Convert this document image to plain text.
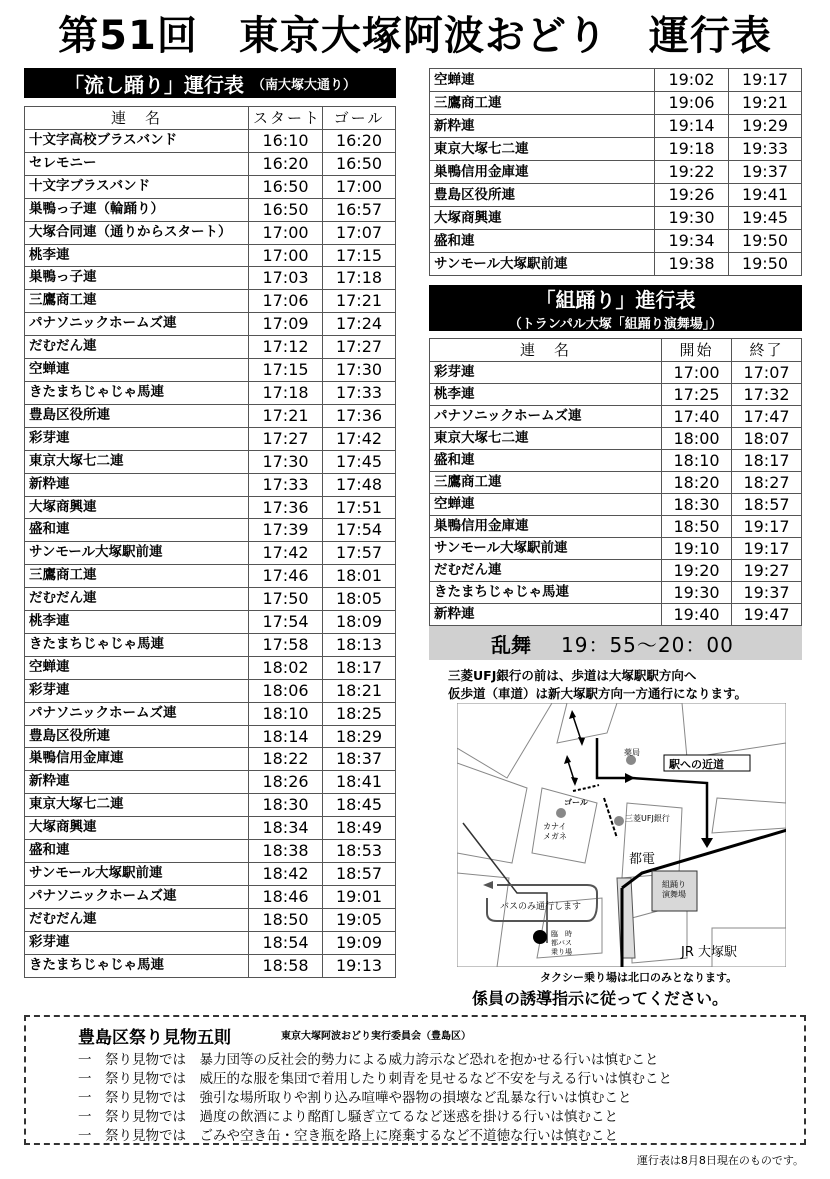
第51回　東京大塚阿波おどり　運行表
「流し踊り」運行表 （南大塚大通り）
連　名	スタート	ゴール
十文字高校ブラスバンド	16:10	16:20
セレモニー	16:20	16:50
十文字ブラスバンド	16:50	17:00
巣鴨っ子連（輪踊り）	16:50	16:57
大塚合同連（通りからスタート）	17:00	17:07
桃李連	17:00	17:15
巣鴨っ子連	17:03	17:18
三鷹商工連	17:06	17:21
パナソニックホームズ連	17:09	17:24
だむだん連	17:12	17:27
空蝉連	17:15	17:30
きたまちじゃじゃ馬連	17:18	17:33
豊島区役所連	17:21	17:36
彩芽連	17:27	17:42
東京大塚七二連	17:30	17:45
新粋連	17:33	17:48
大塚商興連	17:36	17:51
盛和連	17:39	17:54
サンモール大塚駅前連	17:42	17:57
三鷹商工連	17:46	18:01
だむだん連	17:50	18:05
桃李連	17:54	18:09
きたまちじゃじゃ馬連	17:58	18:13
空蝉連	18:02	18:17
彩芽連	18:06	18:21
パナソニックホームズ連	18:10	18:25
豊島区役所連	18:14	18:29
巣鴨信用金庫連	18:22	18:37
新粋連	18:26	18:41
東京大塚七二連	18:30	18:45
大塚商興連	18:34	18:49
盛和連	18:38	18:53
サンモール大塚駅前連	18:42	18:57
パナソニックホームズ連	18:46	19:01
だむだん連	18:50	19:05
彩芽連	18:54	19:09
きたまちじゃじゃ馬連	18:58	19:13
空蝉連	19:02	19:17
三鷹商工連	19:06	19:21
新粋連	19:14	19:29
東京大塚七二連	19:18	19:33
巣鴨信用金庫連	19:22	19:37
豊島区役所連	19:26	19:41
大塚商興連	19:30	19:45
盛和連	19:34	19:50
サンモール大塚駅前連	19:38	19:50
「組踊り」進行表
（トランパル大塚「組踊り演舞場」）
連　名	開始	終了
彩芽連	17:00	17:07
桃李連	17:25	17:32
パナソニックホームズ連	17:40	17:47
東京大塚七二連	18:00	18:07
盛和連	18:10	18:17
三鷹商工連	18:20	18:27
空蝉連	18:30	18:57
巣鴨信用金庫連	18:50	19:17
サンモール大塚駅前連	19:10	19:17
だむだん連	19:20	19:27
きたまちじゃじゃ馬連	19:30	19:37
新粋連	19:40	19:47
乱舞 19：55〜20：00
三菱UFJ銀行の前は、歩道は大塚駅駅方向へ
仮歩道（車道）は新大塚駅方向一方通行になります。
薬局
駅への近道
ゴール
三菱UFJ銀行
カナイ
メガネ
都電
組踊り
演舞場
バスのみ通行します
臨　時
都バス
乗り場	JR 大塚駅
タクシー乗り場は北口のみとなります。
係員の誘導指示に従ってください。
豊島区祭り見物五則	東京大塚阿波おどり実行委員会（豊島区）
一　祭り見物では　暴力団等の反社会的勢力による威力誇示など恐れを抱かせる行いは慎むこと
一　祭り見物では　威圧的な服を集団で着用したり刺青を見せるなど不安を与える行いは慎むこと
一　祭り見物では　強引な場所取りや割り込み喧嘩や器物の損壊など乱暴な行いは慎むこと
一　祭り見物では　過度の飲酒により酩酊し騒ぎ立てるなど迷惑を掛ける行いは慎むこと
一　祭り見物では　ごみや空き缶・空き瓶を路上に廃棄するなど不道徳な行いは慎むこと
運行表は8月8日現在のものです。
